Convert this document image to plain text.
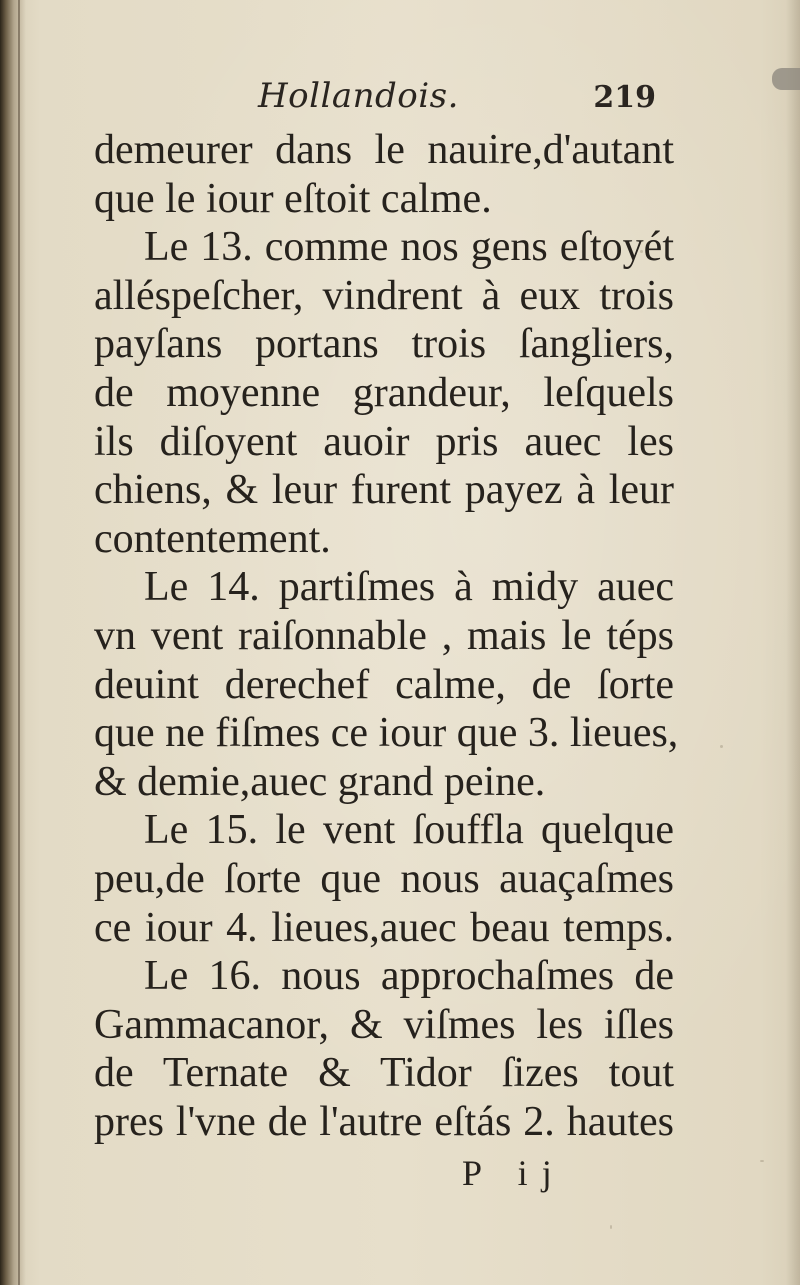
Hollandois.	219
demeurer dans le nauire,d'autant
que le iour eſtoit calme.
Le 13. comme nos gens eſtoyét
alléspeſcher, vindrent à eux trois
payſans portans trois ſangliers,
de moyenne grandeur, leſquels
ils diſoyent auoir pris auec les
chiens, & leur furent payez à leur
contentement.
Le 14. partiſmes à midy auec
vn vent raiſonnable , mais le téps
deuint derechef calme, de ſorte
que ne fiſmes ce iour que 3. lieues,
& demie,auec grand peine.
Le 15. le vent ſouffla quelque
peu,de ſorte que nous auaçaſmes
ce iour 4. lieues,auec beau temps.
Le 16. nous approchaſmes de
Gammacanor, & viſmes les iſles
de Ternate & Tidor ſizes tout
pres l'vne de l'autre eſtás 2. hautes
P ij
